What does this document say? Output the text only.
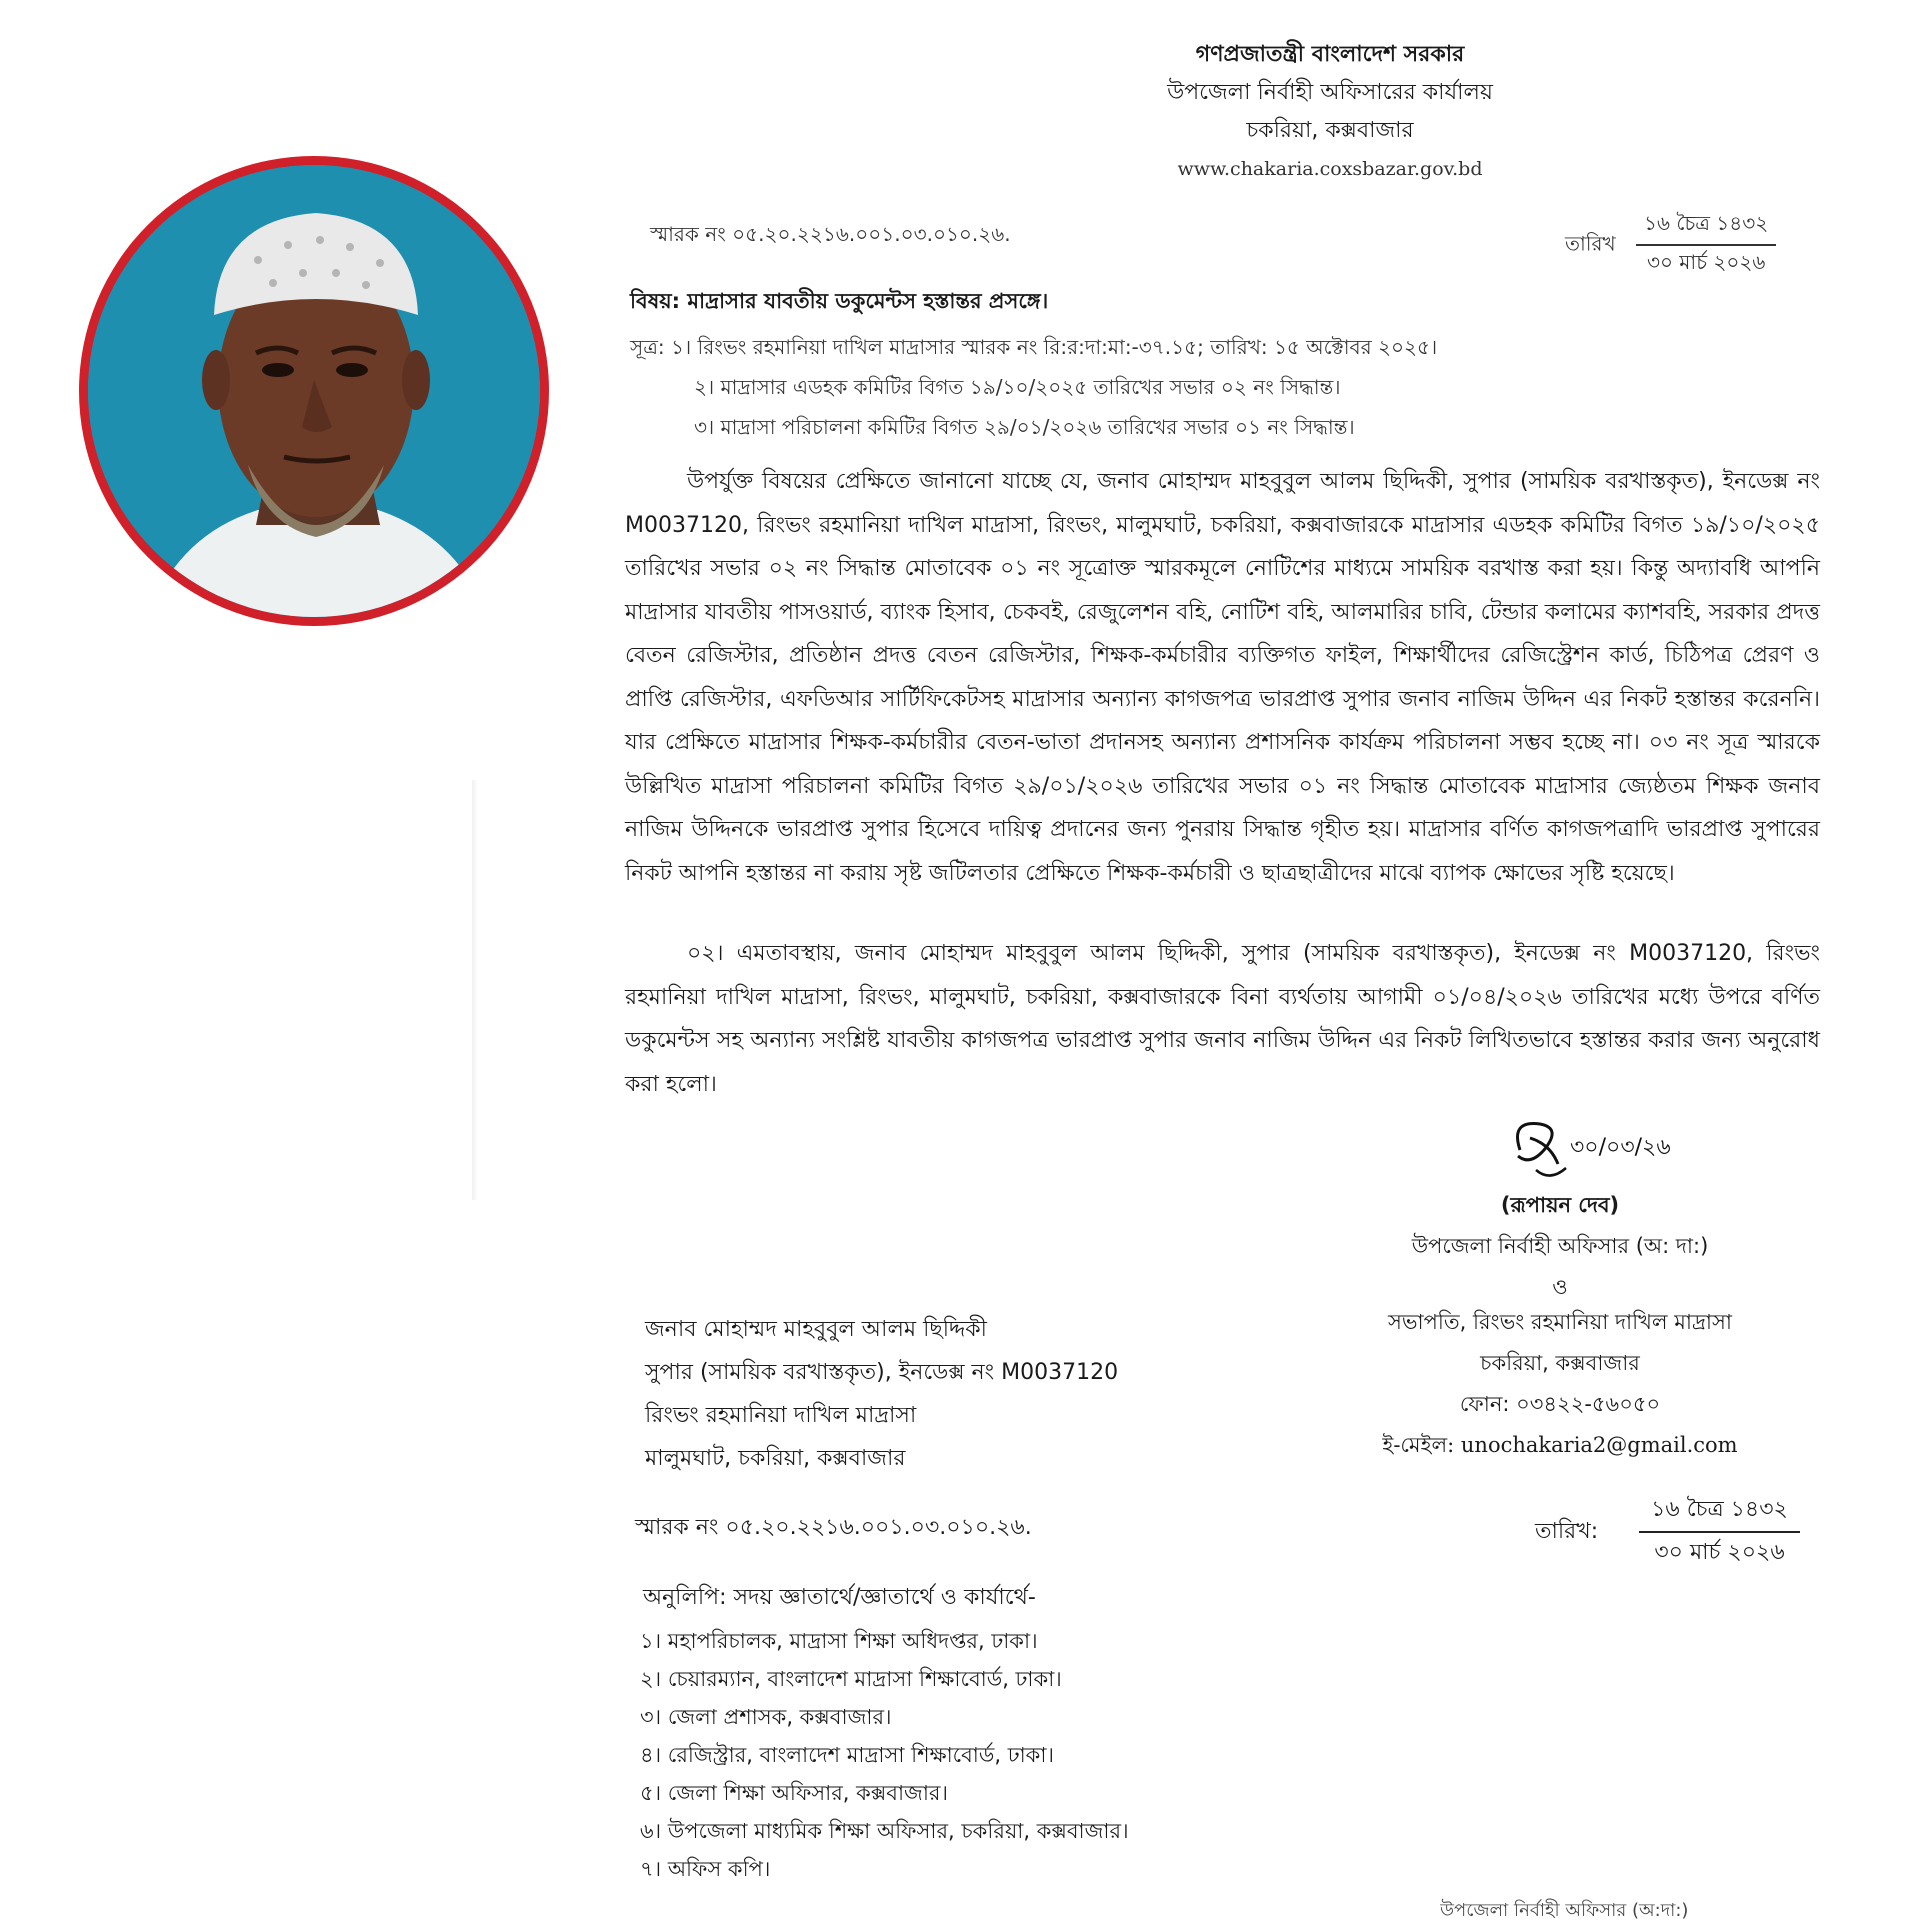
গণপ্রজাতন্ত্রী বাংলাদেশ সরকার
উপজেলা নির্বাহী অফিসারের কার্যালয়
চকরিয়া, কক্সবাজার
www.chakaria.coxsbazar.gov.bd
স্মারক নং ০৫.২০.২২১৬.০০১.০৩.০১০.২৬.	তারিখ $\frac{\text{১৬ চৈত্র ১৪৩২}}{\text{৩০ মার্চ ২০২৬}}$
বিষয়: মাদ্রাসার যাবতীয় ডকুমেন্টস হস্তান্তর প্রসঙ্গে।
সূত্র: ১। রিংভং রহমানিয়া দাখিল মাদ্রাসার স্মারক নং রি:র:দা:মা:-৩৭.১৫; তারিখ: ১৫ অক্টোবর ২০২৫।
২। মাদ্রাসার এডহক কমিটির বিগত ১৯/১০/২০২৫ তারিখের সভার ০২ নং সিদ্ধান্ত।
৩। মাদ্রাসা পরিচালনা কমিটির বিগত ২৯/০১/২০২৬ তারিখের সভার ০১ নং সিদ্ধান্ত।
উপর্যুক্ত বিষয়ের প্রেক্ষিতে জানানো যাচ্ছে যে, জনাব মোহাম্মদ মাহবুবুল আলম ছিদ্দিকী, সুপার (সাময়িক বরখাস্তকৃত), ইনডেক্স নং M0037120, রিংভং রহমানিয়া দাখিল মাদ্রাসা, রিংভং, মালুমঘাট, চকরিয়া, কক্সবাজারকে মাদ্রাসার এডহক কমিটির বিগত ১৯/১০/২০২৫ তারিখের সভার ০২ নং সিদ্ধান্ত মোতাবেক ০১ নং সূত্রোক্ত স্মারকমূলে নোটিশের মাধ্যমে সাময়িক বরখাস্ত করা হয়। কিন্তু অদ্যাবধি আপনি মাদ্রাসার যাবতীয় পাসওয়ার্ড, ব্যাংক হিসাব, চেকবই, রেজুলেশন বহি, নোটিশ বহি, আলমারির চাবি, টেন্ডার কলামের ক্যাশবহি, সরকার প্রদত্ত বেতন রেজিস্টার, প্রতিষ্ঠান প্রদত্ত বেতন রেজিস্টার, শিক্ষক-কর্মচারীর ব্যক্তিগত ফাইল, শিক্ষার্থীদের রেজিস্ট্রেশন কার্ড, চিঠিপত্র প্রেরণ ও প্রাপ্তি রেজিস্টার, এফডিআর সার্টিফিকেটসহ মাদ্রাসার অন্যান্য কাগজপত্র ভারপ্রাপ্ত সুপার জনাব নাজিম উদ্দিন এর নিকট হস্তান্তর করেননি। যার প্রেক্ষিতে মাদ্রাসার শিক্ষক-কর্মচারীর বেতন-ভাতা প্রদানসহ অন্যান্য প্রশাসনিক কার্যক্রম পরিচালনা সম্ভব হচ্ছে না। ০৩ নং সূত্র স্মারকে উল্লিখিত মাদ্রাসা পরিচালনা কমিটির বিগত ২৯/০১/২০২৬ তারিখের সভার ০১ নং সিদ্ধান্ত মোতাবেক মাদ্রাসার জ্যেষ্ঠতম শিক্ষক জনাব নাজিম উদ্দিনকে ভারপ্রাপ্ত সুপার হিসেবে দায়িত্ব প্রদানের জন্য পুনরায় সিদ্ধান্ত গৃহীত হয়। মাদ্রাসার বর্ণিত কাগজপত্রাদি ভারপ্রাপ্ত সুপারের নিকট আপনি হস্তান্তর না করায় সৃষ্ট জটিলতার প্রেক্ষিতে শিক্ষক-কর্মচারী ও ছাত্রছাত্রীদের মাঝে ব্যাপক ক্ষোভের সৃষ্টি হয়েছে।
০২। এমতাবস্থায়, জনাব মোহাম্মদ মাহবুবুল আলম ছিদ্দিকী, সুপার (সাময়িক বরখাস্তকৃত), ইনডেক্স নং M0037120, রিংভং রহমানিয়া দাখিল মাদ্রাসা, রিংভং, মালুমঘাট, চকরিয়া, কক্সবাজারকে বিনা ব্যর্থতায় আগামী ০১/০৪/২০২৬ তারিখের মধ্যে উপরে বর্ণিত ডকুমেন্টস সহ অন্যান্য সংশ্লিষ্ট যাবতীয় কাগজপত্র ভারপ্রাপ্ত সুপার জনাব নাজিম উদ্দিন এর নিকট লিখিতভাবে হস্তান্তর করার জন্য অনুরোধ করা হলো।
৩০/০৩/২৬
(রূপায়ন দেব)
উপজেলা নির্বাহী অফিসার (অ: দা:)
ও
সভাপতি, রিংভং রহমানিয়া দাখিল মাদ্রাসা
চকরিয়া, কক্সবাজার
ফোন: ০৩৪২২-৫৬০৫০
ই-মেইল: unochakaria2@gmail.com
জনাব মোহাম্মদ মাহবুবুল আলম ছিদ্দিকী
সুপার (সাময়িক বরখাস্তকৃত), ইনডেক্স নং M0037120
রিংভং রহমানিয়া দাখিল মাদ্রাসা
মালুমঘাট, চকরিয়া, কক্সবাজার
স্মারক নং ০৫.২০.২২১৬.০০১.০৩.০১০.২৬.	তারিখ: $\frac{\text{১৬ চৈত্র ১৪৩২}}{\text{৩০ মার্চ ২০২৬}}$
অনুলিপি: সদয় জ্ঞাতার্থে/জ্ঞাতার্থে ও কার্যার্থে-
১। মহাপরিচালক, মাদ্রাসা শিক্ষা অধিদপ্তর, ঢাকা।
২। চেয়ারম্যান, বাংলাদেশ মাদ্রাসা শিক্ষাবোর্ড, ঢাকা।
৩। জেলা প্রশাসক, কক্সবাজার।
৪। রেজিস্ট্রার, বাংলাদেশ মাদ্রাসা শিক্ষাবোর্ড, ঢাকা।
৫। জেলা শিক্ষা অফিসার, কক্সবাজার।
৬। উপজেলা মাধ্যমিক শিক্ষা অফিসার, চকরিয়া, কক্সবাজার।
৭। অফিস কপি।
উপজেলা নির্বাহী অফিসার (অ:দা:)
